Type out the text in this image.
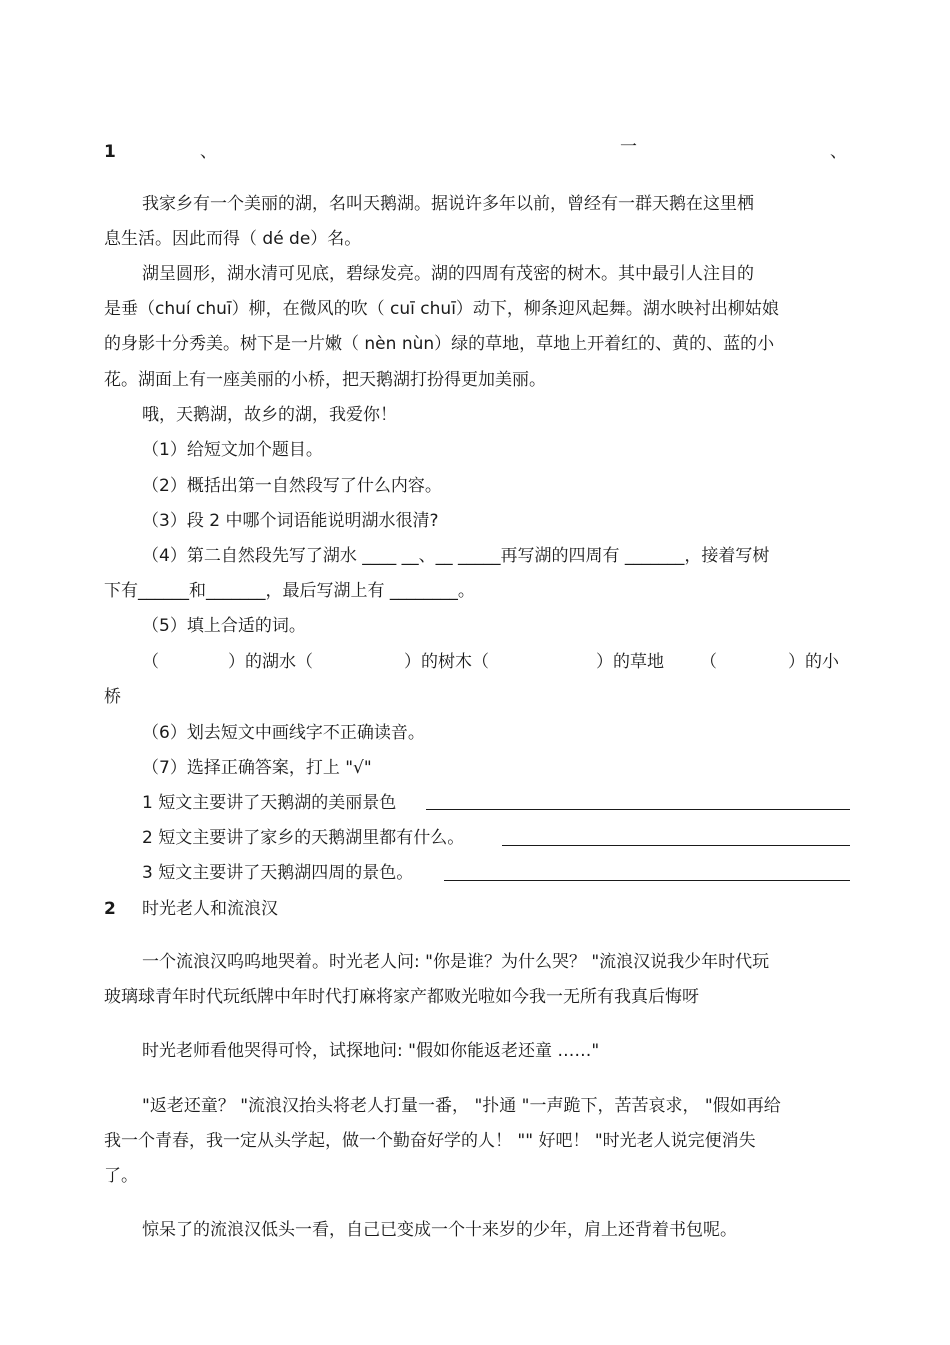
1	、	一	、
我家乡有一个美丽的湖，名叫天鹅湖。据说许多年以前，曾经有一群天鹅在这里栖
息生活。因此而得（ dé de）名。
湖呈圆形，湖水清可见底，碧绿发亮。湖的四周有茂密的树木。其中最引人注目的
是垂（chuí chuī）柳，在微风的吹（ cuī chuī）动下，柳条迎风起舞。湖水映衬出柳姑娘
的身影十分秀美。树下是一片嫩（ nèn nùn）绿的草地，草地上开着红的、黄的、蓝的小
花。湖面上有一座美丽的小桥，把天鹅湖打扮得更加美丽。
哦，天鹅湖，故乡的湖，我爱你！
（1）给短文加个题目。
（2）概括出第一自然段写了什么内容。
（3）段 2 中哪个词语能说明湖水很清?
（4）第二自然段先写了湖水 ____ __、__ _____再写湖的四周有 _______，接着写树
下有______和_______，最后写湖上有 ________。
（5）填上合适的词。
（	）的湖水（	）的树木（	）的草地 （	）的小
桥
（6）划去短文中画线字不正确读音。
（7）选择正确答案，打上 "√"
1 短文主要讲了天鹅湖的美丽景色
2 短文主要讲了家乡的天鹅湖里都有什么。
3 短文主要讲了天鹅湖四周的景色。
2 时光老人和流浪汉
一个流浪汉呜呜地哭着。时光老人问: "你是谁？为什么哭？ "流浪汉说我少年时代玩
玻璃球青年时代玩纸牌中年时代打麻将家产都败光啦如今我一无所有我真后悔呀
时光老师看他哭得可怜，试探地问: "假如你能返老还童 ……"
"返老还童？ "流浪汉抬头将老人打量一番， "扑通 "一声跪下，苦苦哀求， "假如再给
我一个青春，我一定从头学起，做一个勤奋好学的人！ "" 好吧！ "时光老人说完便消失
了。
惊呆了的流浪汉低头一看，自己已变成一个十来岁的少年，肩上还背着书包呢。
